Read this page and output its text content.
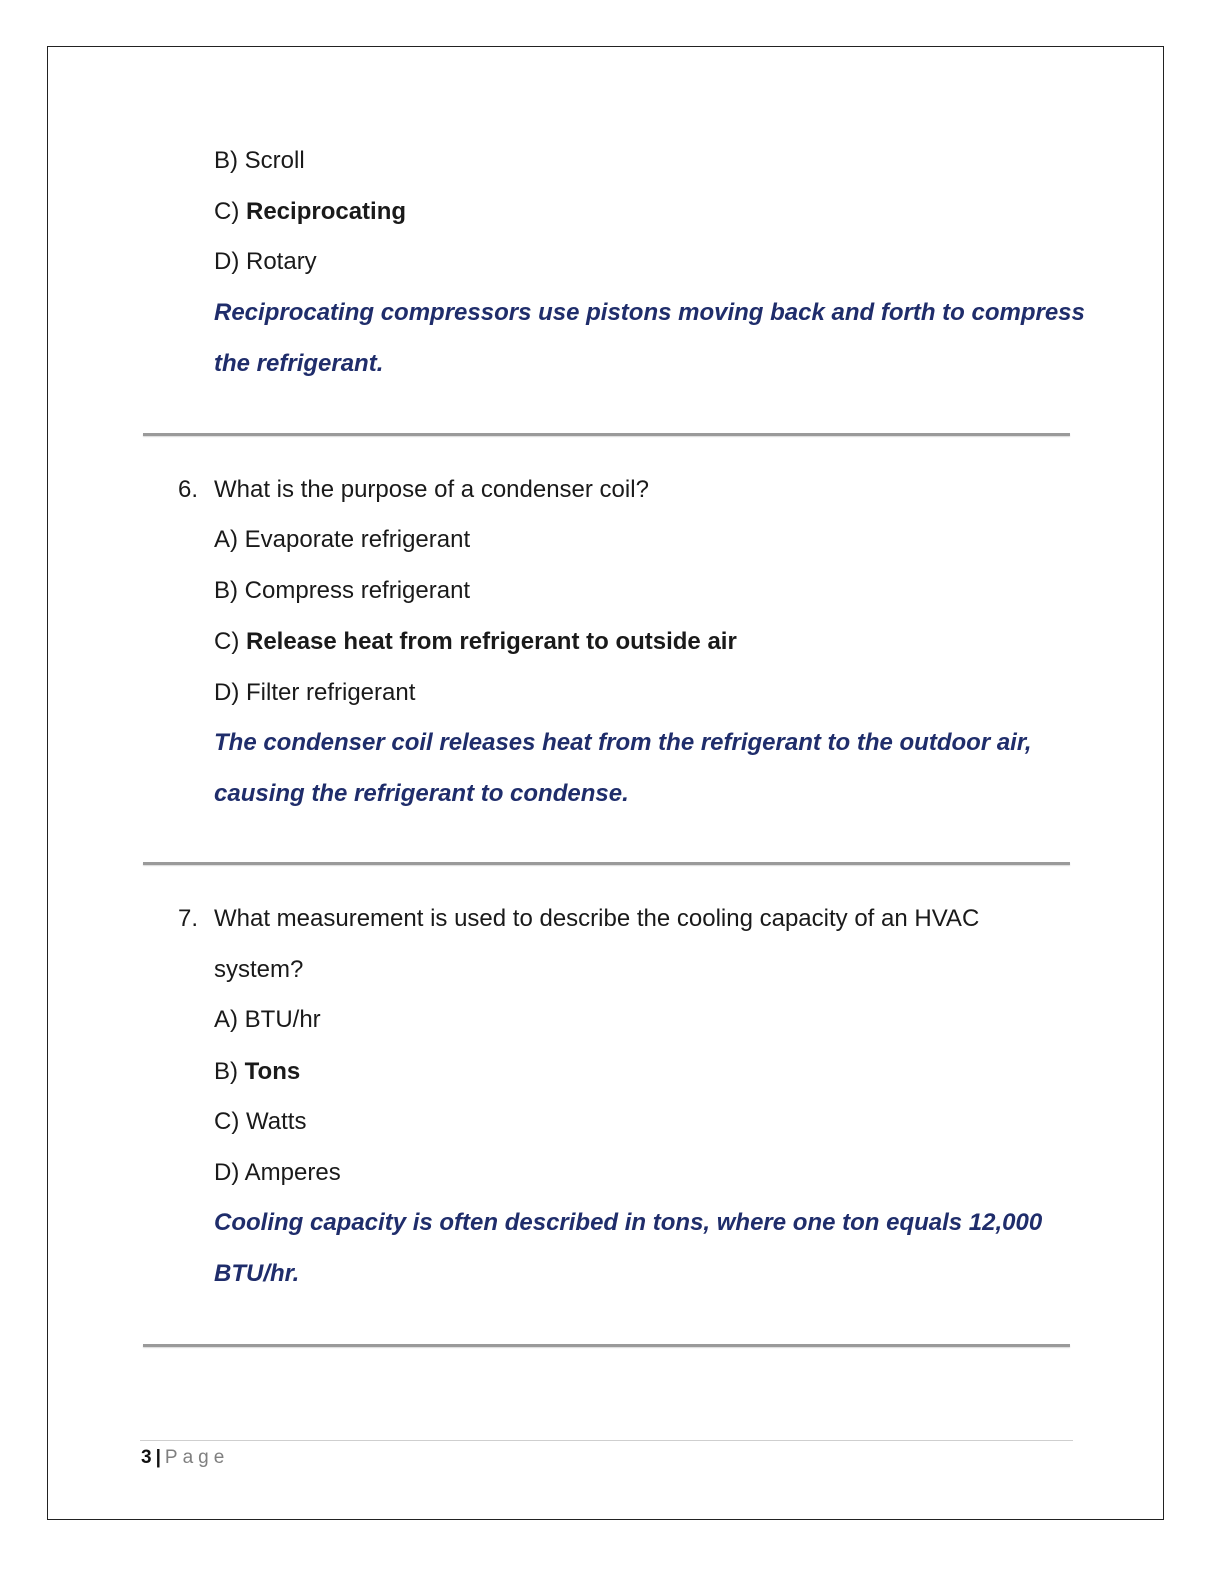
B) Scroll
C) Reciprocating
D) Rotary
Reciprocating compressors use pistons moving back and forth to compress
the refrigerant.
6. What is the purpose of a condenser coil?
A) Evaporate refrigerant
B) Compress refrigerant
C) Release heat from refrigerant to outside air
D) Filter refrigerant
The condenser coil releases heat from the refrigerant to the outdoor air,
causing the refrigerant to condense.
7. What measurement is used to describe the cooling capacity of an HVAC
system?
A) BTU/hr
B) Tons
C) Watts
D) Amperes
Cooling capacity is often described in tons, where one ton equals 12,000
BTU/hr.
3 | Page
